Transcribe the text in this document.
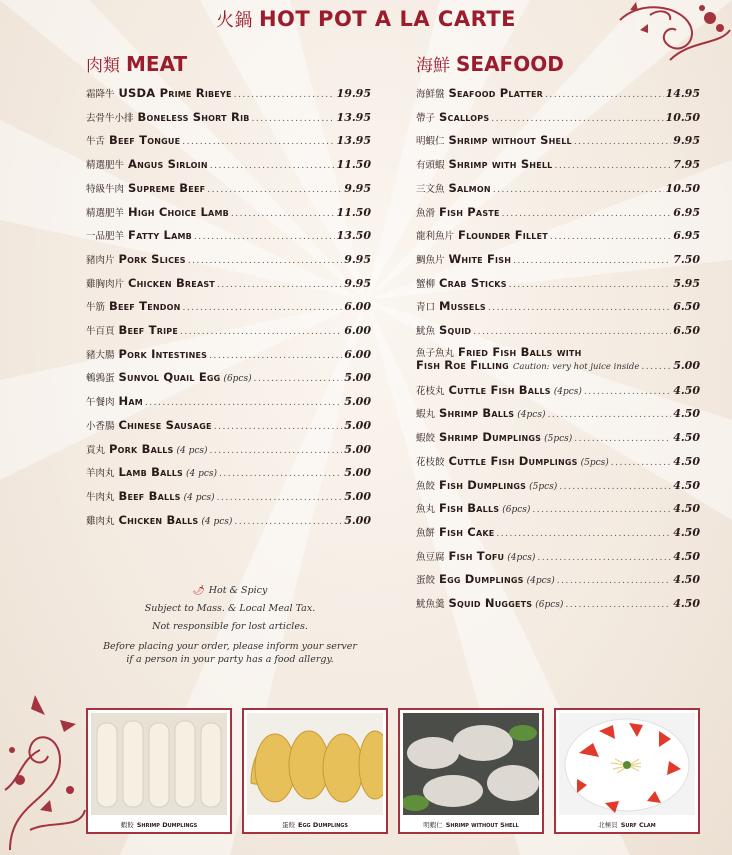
火鍋 HOT POT A LA CARTE
肉類 MEAT
霜降牛 USDA Prime Ribeye .....	19.95
去骨牛小排 Boneless Short Rib .....	13.95
牛舌 Beef Tongue .....	13.95
精選肥牛 Angus Sirloin .....	11.50
特級牛肉 Supreme Beef .....	9.95
精選肥羊 High Choice Lamb .....	11.50
一品肥羊 Fatty Lamb .....	13.50
豬肉片 Pork Slices .....	9.95
雞胸肉片 Chicken Breast .....	9.95
牛筋 Beef Tendon .....	6.00
牛百頁 Beef Tripe .....	6.00
豬大腸 Pork Intestines .....	6.00
鵪鶉蛋 Sunvol Quail Egg (6pcs) .....	5.00
午餐肉 Ham .....	5.00
小香腸 Chinese Sausage .....	5.00
貢丸 Pork Balls (4 pcs) .....	5.00
羊肉丸 Lamb Balls (4 pcs) .....	5.00
牛肉丸 Beef Balls (4 pcs) .....	5.00
雞肉丸 Chicken Balls (4 pcs) .....	5.00
海鮮 SEAFOOD
魚子魚丸 Fried Fish Balls with
Fish Roe Filling Caution: very hot juice inside .....	5.00
海鮮盤 Seafood Platter .....	14.95
帶子 Scallops .....	10.50
明蝦仁 Shrimp without Shell .....	9.95
有頭蝦 Shrimp with Shell .....	7.95
三文魚 Salmon .....	10.50
魚滑 Fish Paste .....	6.95
龍利魚片 Flounder Fillet .....	6.95
鯛魚片 White Fish .....	7.50
蟹柳 Crab Sticks .....	5.95
青口 Mussels .....	6.50
魷魚 Squid .....	6.50
花枝丸 Cuttle Fish Balls (4pcs) .....	4.50
蝦丸 Shrimp Balls (4pcs) .....	4.50
蝦餃 Shrimp Dumplings (5pcs) .....	4.50
花枝餃 Cuttle Fish Dumplings (5pcs) .....	4.50
魚餃 Fish Dumplings (5pcs) .....	4.50
魚丸 Fish Balls (6pcs) .....	4.50
魚餅 Fish Cake .....	4.50
魚豆腐 Fish Tofu (4pcs) .....	4.50
蛋餃 Egg Dumplings (4pcs) .....	4.50
魷魚羹 Squid Nuggets (6pcs) .....	4.50
🌶 Hot & Spicy
Subject to Mass. & Local Meal Tax.
Not responsible for lost articles.
Before placing your order, please inform your server
if a person in your party has a food allergy.
蝦餃 Shrimp Dumplings	蛋餃 Egg Dumplings	明蝦仁 Shrimp without Shell	北極貝 Surf Clam
